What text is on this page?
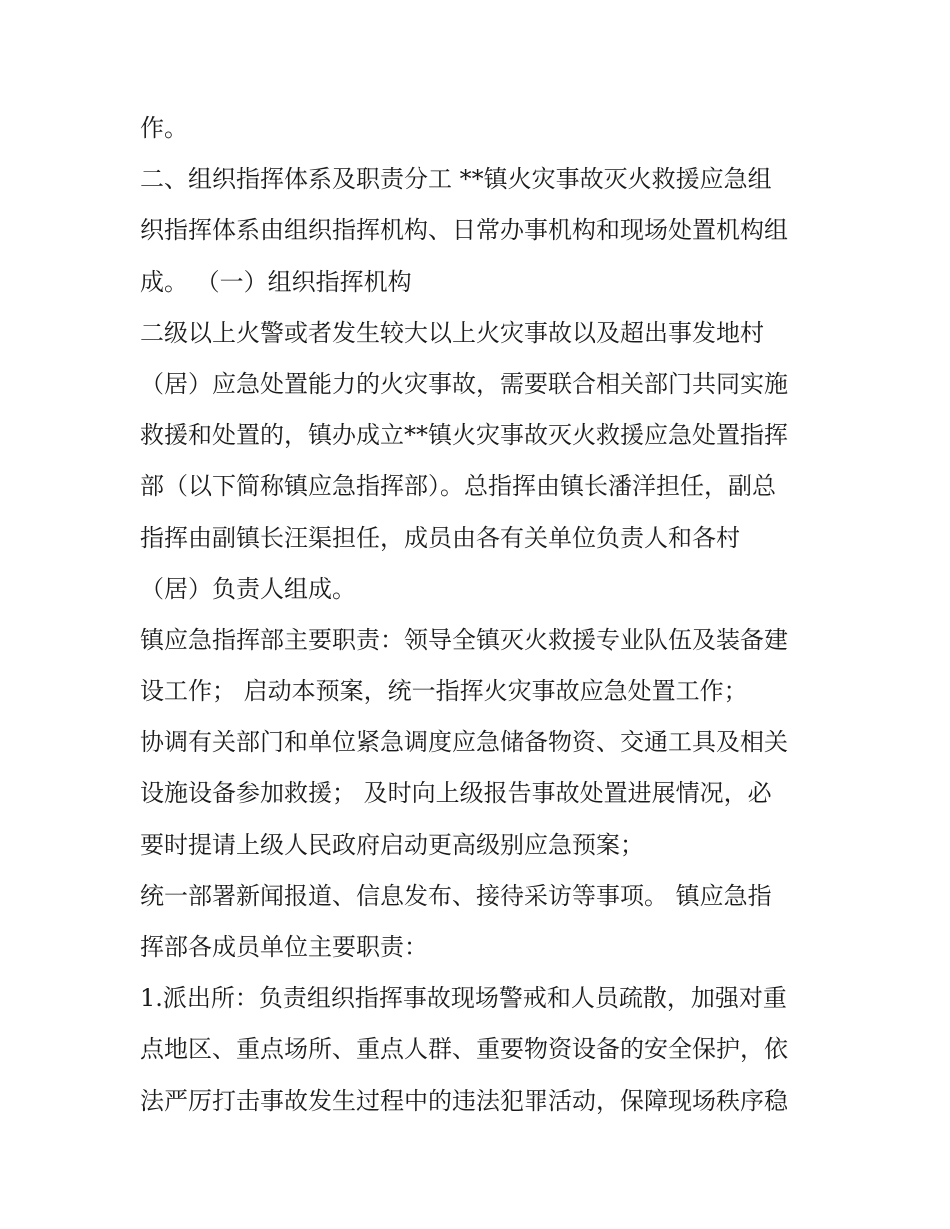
作。
二、组织指挥体系及职责分工 **镇火灾事故灭火救援应急组
织指挥体系由组织指挥机构、日常办事机构和现场处置机构组
成。 （一）组织指挥机构
二级以上火警或者发生较大以上火灾事故以及超出事发地村
（居）应急处置能力的火灾事故，需要联合相关部门共同实施
救援和处置的，镇办成立**镇火灾事故灭火救援应急处置指挥
部（以下简称镇应急指挥部）。总指挥由镇长潘洋担任，副总
指挥由副镇长汪渠担任，成员由各有关单位负责人和各村
（居）负责人组成。
镇应急指挥部主要职责：领导全镇灭火救援专业队伍及装备建
设工作； 启动本预案，统一指挥火灾事故应急处置工作；
协调有关部门和单位紧急调度应急储备物资、交通工具及相关
设施设备参加救援； 及时向上级报告事故处置进展情况，必
要时提请上级人民政府启动更高级别应急预案；
统一部署新闻报道、信息发布、接待采访等事项。 镇应急指
挥部各成员单位主要职责：
1.派出所：负责组织指挥事故现场警戒和人员疏散，加强对重
点地区、重点场所、重点人群、重要物资设备的安全保护，依
法严厉打击事故发生过程中的违法犯罪活动，保障现场秩序稳
